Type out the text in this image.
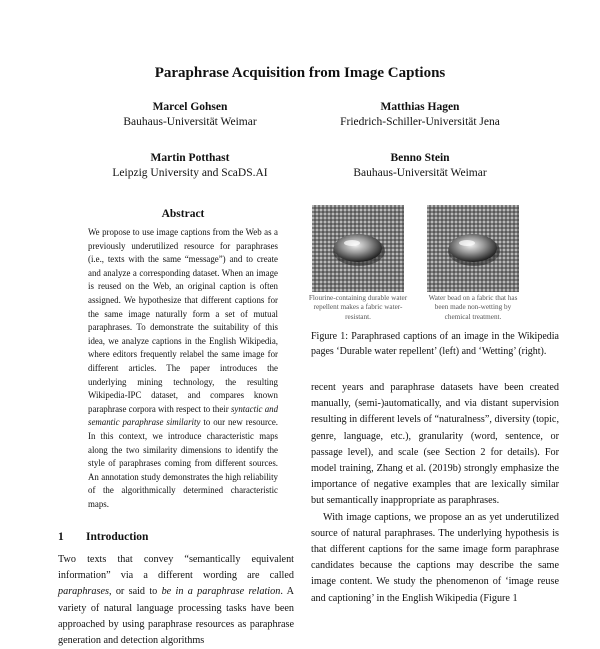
Paraphrase Acquisition from Image Captions
Marcel Gohsen
Bauhaus-Universität Weimar
Matthias Hagen
Friedrich-Schiller-Universität Jena
Martin Potthast
Leipzig University and ScaDS.AI
Benno Stein
Bauhaus-Universität Weimar
Abstract

We propose to use image captions from the Web as a previously underutilized resource for paraphrases (i.e., texts with the same “message”) and to create and analyze a corresponding dataset. When an image is reused on the Web, an original caption is often assigned. We hypothesize that different captions for the same image naturally form a set of mutual paraphrases. To demonstrate the suitability of this idea, we analyze captions in the English Wikipedia, where editors frequently relabel the same image for different articles. The paper introduces the underlying mining technology, the resulting Wikipedia-IPC dataset, and compares known paraphrase corpora with respect to their syntactic and semantic paraphrase similarity to our new resource. In this context, we introduce characteristic maps along the two similarity dimensions to identify the style of paraphrases coming from different sources. An annotation study demonstrates the high reliability of the algorithmically determined characteristic maps.

1 Introduction

Two texts that convey “semantically equivalent information” via a different wording are called paraphrases, or said to be in a paraphrase relation. A variety of natural language processing tasks have been approached by using paraphrase resources as paraphrase generation and detection algorithms

Flourine-containing durable water repellent makes a fabric water-resistant.
Water bead on a fabric that has been made non-wetting by chemical treatment.

Figure 1: Paraphrased captions of an image in the Wikipedia pages ‘Durable water repellent’ (left) and ‘Wetting’ (right).

recent years and paraphrase datasets have been created manually, (semi-)automatically, and via distant supervision resulting in different levels of “naturalness”, diversity (topic, genre, language, etc.), granularity (word, sentence, or passage level), and scale (see Section 2 for details). For model training, Zhang et al. (2019b) strongly emphasize the importance of negative examples that are lexically similar but semantically inappropriate as paraphrases.

With image captions, we propose an as yet underutilized source of natural paraphrases. The underlying hypothesis is that different captions for the same image form paraphrase candidates because the captions may describe the same image content. We study the phenomenon of ‘image reuse and captioning’ in the English Wikipedia (Figure 1
